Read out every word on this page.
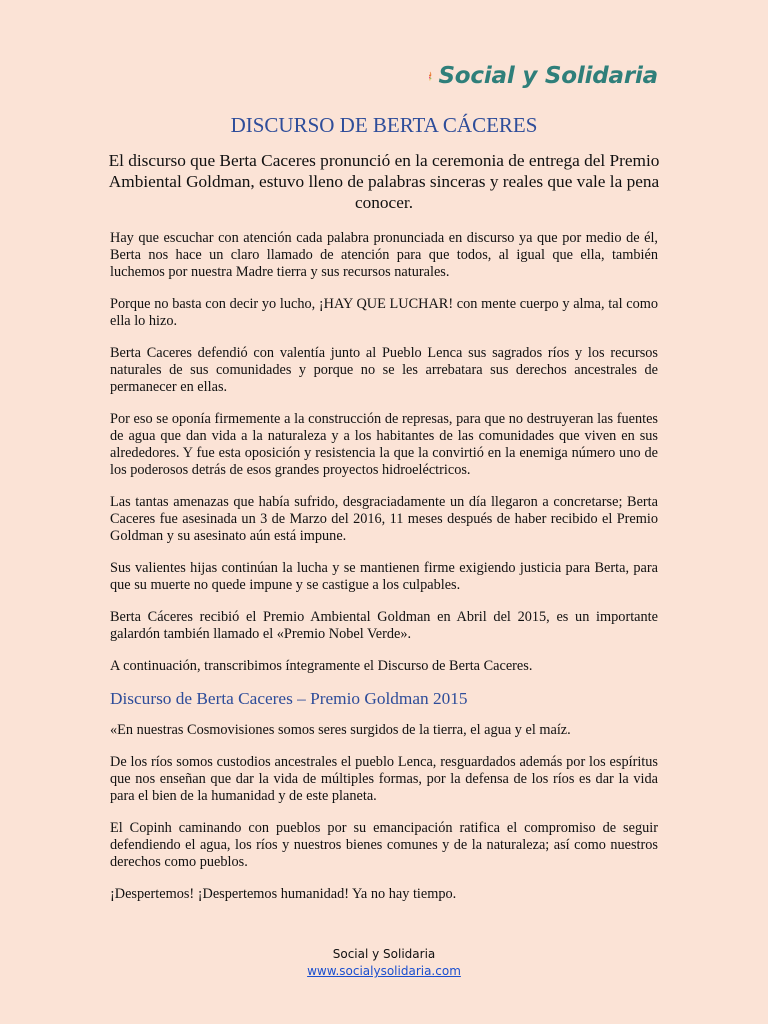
Social y Solidaria
DISCURSO DE BERTA CÁCERES
El discurso que Berta Caceres pronunció en la ceremonia de entrega del Premio Ambiental Goldman, estuvo lleno de palabras sinceras y reales que vale la pena conocer.

Hay que escuchar con atención cada palabra pronunciada en discurso ya que por medio de él, Berta nos hace un claro llamado de atención para que todos, al igual que ella, también luchemos por nuestra Madre tierra y sus recursos naturales.

Porque no basta con decir yo lucho, ¡HAY QUE LUCHAR! con mente cuerpo y alma, tal como ella lo hizo.

Berta Caceres defendió con valentía junto al Pueblo Lenca sus sagrados ríos y los recursos naturales de sus comunidades y porque no se les arrebatara sus derechos ancestrales de permanecer en ellas.

Por eso se oponía firmemente a la construcción de represas, para que no destruyeran las fuentes de agua que dan vida a la naturaleza y a los habitantes de las comunidades que viven en sus alrededores. Y fue esta oposición y resistencia la que la convirtió en la enemiga número uno de los poderosos detrás de esos grandes proyectos hidroeléctricos.

Las tantas amenazas que había sufrido, desgraciadamente un día llegaron a concretarse; Berta Caceres fue asesinada un 3 de Marzo del 2016, 11 meses después de haber recibido el Premio Goldman y su asesinato aún está impune.

Sus valientes hijas continúan la lucha y se mantienen firme exigiendo justicia para Berta, para que su muerte no quede impune y se castigue a los culpables.

Berta Cáceres recibió el Premio Ambiental Goldman en Abril del 2015, es un importante galardón también llamado el «Premio Nobel Verde».

A continuación, transcribimos íntegramente el Discurso de Berta Caceres.

Discurso de Berta Caceres – Premio Goldman 2015

«En nuestras Cosmovisiones somos seres surgidos de la tierra, el agua y el maíz.

De los ríos somos custodios ancestrales el pueblo Lenca, resguardados además por los espíritus que nos enseñan que dar la vida de múltiples formas, por la defensa de los ríos es dar la vida para el bien de la humanidad y de este planeta.

El Copinh caminando con pueblos por su emancipación ratifica el compromiso de seguir defendiendo el agua, los ríos y nuestros bienes comunes y de la naturaleza; así como nuestros derechos como pueblos.

¡Despertemos! ¡Despertemos humanidad! Ya no hay tiempo.

Social y Solidaria
www.socialysolidaria.com
